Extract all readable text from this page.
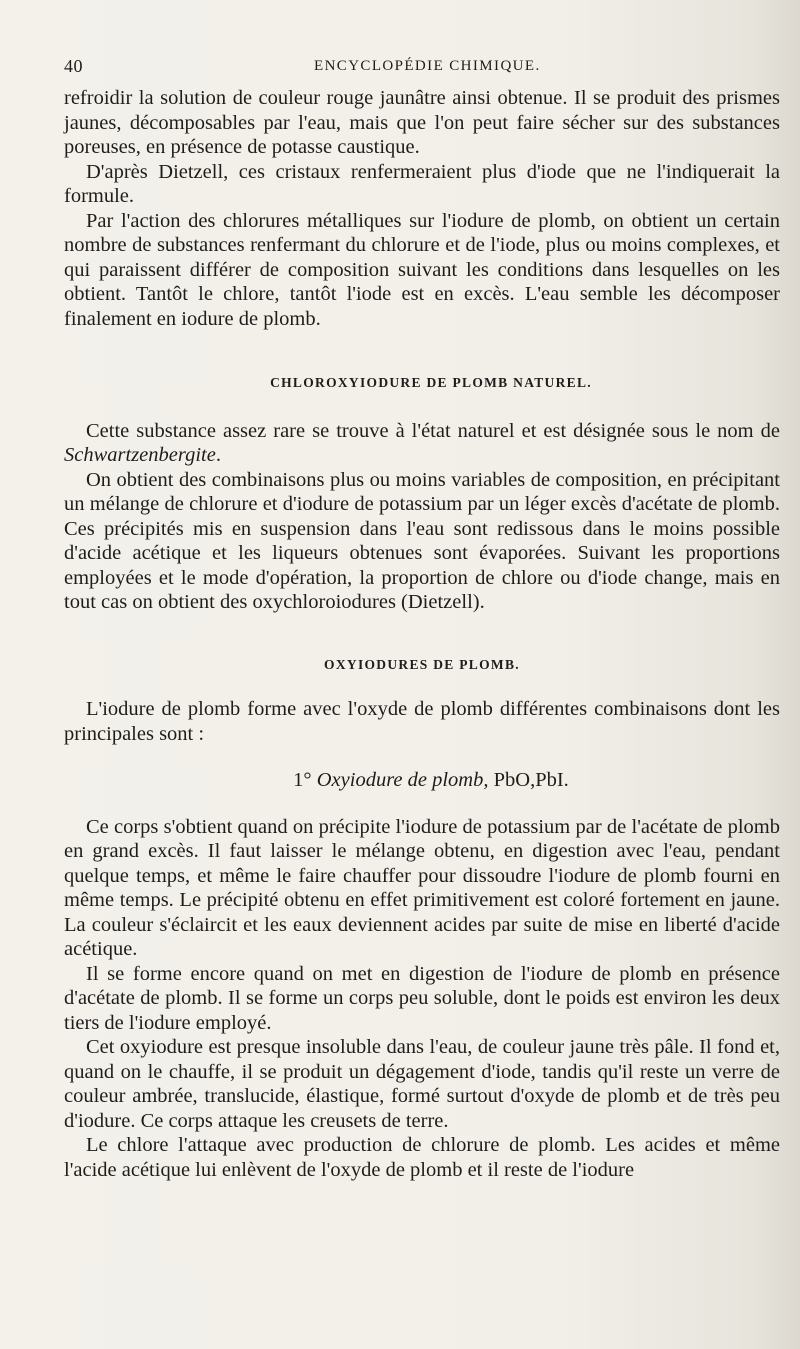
40	ENCYCLOPÉDIE CHIMIQUE.

refroidir la solution de couleur rouge jaunâtre ainsi obtenue. Il se produit des prismes jaunes, décomposables par l'eau, mais que l'on peut faire sécher sur des substances poreuses, en présence de potasse caustique.

D'après Dietzell, ces cristaux renfermeraient plus d'iode que ne l'indiquerait la formule.

Par l'action des chlorures métalliques sur l'iodure de plomb, on obtient un certain nombre de substances renfermant du chlorure et de l'iode, plus ou moins complexes, et qui paraissent différer de composition suivant les conditions dans lesquelles on les obtient. Tantôt le chlore, tantôt l'iode est en excès. L'eau semble les décomposer finalement en iodure de plomb.

CHLOROXYIODURE DE PLOMB NATUREL.

Cette substance assez rare se trouve à l'état naturel et est désignée sous le nom de Schwartzenbergite.

On obtient des combinaisons plus ou moins variables de composition, en précipitant un mélange de chlorure et d'iodure de potassium par un léger excès d'acétate de plomb. Ces précipités mis en suspension dans l'eau sont redissous dans le moins possible d'acide acétique et les liqueurs obtenues sont évaporées. Suivant les proportions employées et le mode d'opération, la proportion de chlore ou d'iode change, mais en tout cas on obtient des oxychloroiodures (Dietzell).

OXYIODURES DE PLOMB.

L'iodure de plomb forme avec l'oxyde de plomb différentes combinaisons dont les principales sont :

1° Oxyiodure de plomb, PbO,PbI.

Ce corps s'obtient quand on précipite l'iodure de potassium par de l'acétate de plomb en grand excès. Il faut laisser le mélange obtenu, en digestion avec l'eau, pendant quelque temps, et même le faire chauffer pour dissoudre l'iodure de plomb fourni en même temps. Le précipité obtenu en effet primitivement est coloré fortement en jaune. La couleur s'éclaircit et les eaux deviennent acides par suite de mise en liberté d'acide acétique.

Il se forme encore quand on met en digestion de l'iodure de plomb en présence d'acétate de plomb. Il se forme un corps peu soluble, dont le poids est environ les deux tiers de l'iodure employé.

Cet oxyiodure est presque insoluble dans l'eau, de couleur jaune très pâle. Il fond et, quand on le chauffe, il se produit un dégagement d'iode, tandis qu'il reste un verre de couleur ambrée, translucide, élastique, formé surtout d'oxyde de plomb et de très peu d'iodure. Ce corps attaque les creusets de terre.

Le chlore l'attaque avec production de chlorure de plomb. Les acides et même l'acide acétique lui enlèvent de l'oxyde de plomb et il reste de l'iodure
